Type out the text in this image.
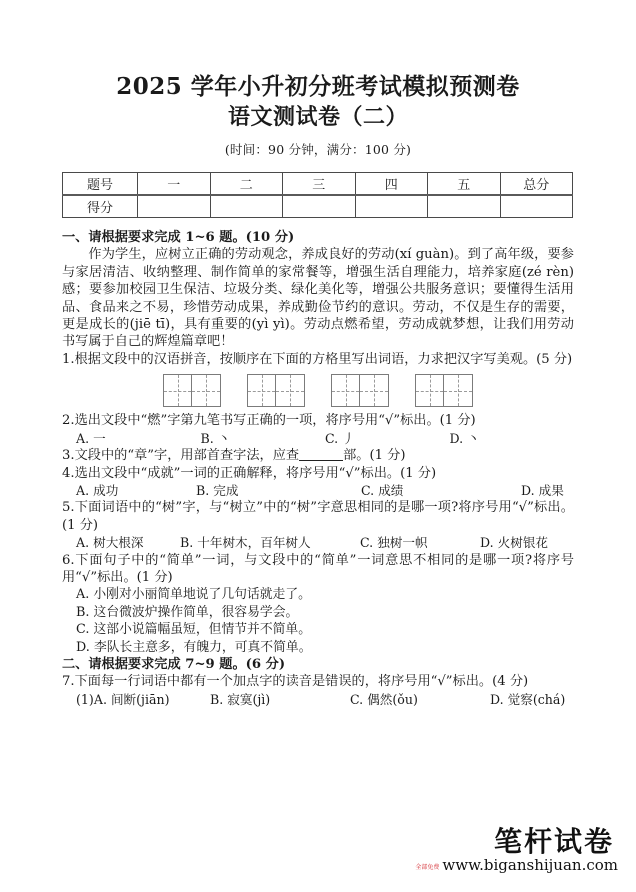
2025 学年小升初分班考试模拟预测卷
语文测试卷（二）
(时间：90 分钟，满分：100 分)
题号	一	二	三	四	五	总分
得分						
一、请根据要求完成 1~6 题。(10 分)
作为学生，应树立正确的劳动观念，养成良好的劳动(xí guàn)。到了高年级，要参与家居清洁、收纳整理、制作简单的家常餐等，增强生活自理能力，培养家庭(zé rèn)感；要参加校园卫生保洁、垃圾分类、绿化美化等，增强公共服务意识；要懂得生活用品、食品来之不易，珍惜劳动成果，养成勤俭节约的意识。劳动，不仅是生存的需要，更是成长的(jiē tī)，具有重要的(yì yì)。劳动点燃希望，劳动成就梦想，让我们用劳动书写属于自己的辉煌篇章吧！
1.根据文段中的汉语拼音，按顺序在下面的方格里写出词语，力求把汉字写美观。(5 分)
2.选出文段中“燃”字第九笔书写正确的一项，将序号用“√”标出。(1 分)
A. 一	B. 丶	C. 丿	D. 丶
3.文段中的“章”字，用部首查字法，应查	部。(1 分)
4.选出文段中“成就”一词的正确解释，将序号用“√”标出。(1 分)
A. 成功	B. 完成	C. 成绩	D. 成果
5.下面词语中的“树”字，与“树立”中的“树”字意思相同的是哪一项?将序号用“√”标出。(1 分)
A. 树大根深	B. 十年树木，百年树人	C. 独树一帜	D. 火树银花
6.下面句子中的“简单”一词，与文段中的“简单”一词意思不相同的是哪一项?将序号用“√”标出。(1 分)
A. 小刚对小丽简单地说了几句话就走了。
B. 这台微波炉操作简单，很容易学会。
C. 这部小说篇幅虽短，但情节并不简单。
D. 李队长主意多，有魄力，可真不简单。
二、请根据要求完成 7~9 题。(6 分)
7.下面每一行词语中都有一个加点字的读音是错误的，将序号用“√”标出。(4 分)
(1)A. 间断(jiān)	B. 寂寞(jì)	C. 偶然(ǒu)	D. 觉察(chá)
笔杆试卷
全部免费 www.biganshijuan.com
